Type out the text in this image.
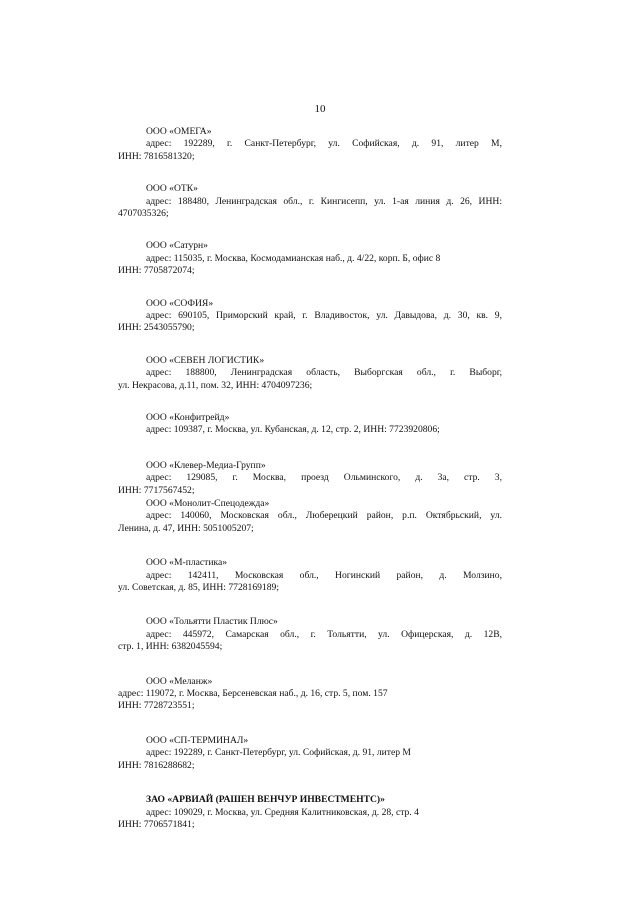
10
ООО «ОМЕГА»
адрес: 192289, г. Санкт-Петербург, ул. Софийская, д. 91, литер М,
ИНН: 7816581320;
ООО «ОТК»
адрес: 188480, Ленинградская обл., г. Кингисепп, ул. 1-ая линия д. 26, ИНН:
4707035326;
ООО «Сатурн»
адрес: 115035, г. Москва, Космодамианская наб., д. 4/22, корп. Б, офис 8
ИНН: 7705872074;
ООО «СОФИЯ»
адрес: 690105, Приморский край, г. Владивосток, ул. Давыдова, д. 30, кв. 9,
ИНН: 2543055790;
ООО «СЕВЕН ЛОГИСТИК»
адрес: 188800, Ленинградская область, Выборгская обл., г. Выборг,
ул. Некрасова, д.11, пом. 32, ИНН: 4704097236;
ООО «Конфитрейд»
адрес: 109387, г. Москва, ул. Кубанская, д. 12, стр. 2, ИНН: 7723920806;
ООО «Клевер-Медиа-Групп»
адрес: 129085, г. Москва, проезд Ольминского, д. 3а, стр. 3,
ИНН: 7717567452;
ООО «Монолит-Спецодежда»
адрес: 140060, Московская обл., Люберецкий район, р.п. Октябрьский, ул.
Ленина, д. 47, ИНН: 5051005207;
ООО «М-пластика»
адрес: 142411, Московская обл., Ногинский район, д. Молзино,
ул. Советская, д. 85, ИНН: 7728169189;
ООО «Тольятти Пластик Плюс»
адрес: 445972, Самарская обл., г. Тольятти, ул. Офицерская, д. 12В,
стр. 1, ИНН: 6382045594;
ООО «Меланж»
адрес: 119072, г. Москва, Берсеневская наб., д. 16, стр. 5, пом. 157
ИНН: 7728723551;
ООО «СП-ТЕРМИНАЛ»
адрес: 192289, г. Санкт-Петербург, ул. Софийская, д. 91, литер М
ИНН: 7816288682;
ЗАО «АРВИАЙ (РАШЕН ВЕНЧУР ИНВЕСТМЕНТС)»
адрес: 109029, г. Москва, ул. Средняя Калитниковская, д. 28, стр. 4
ИНН: 7706571841;
